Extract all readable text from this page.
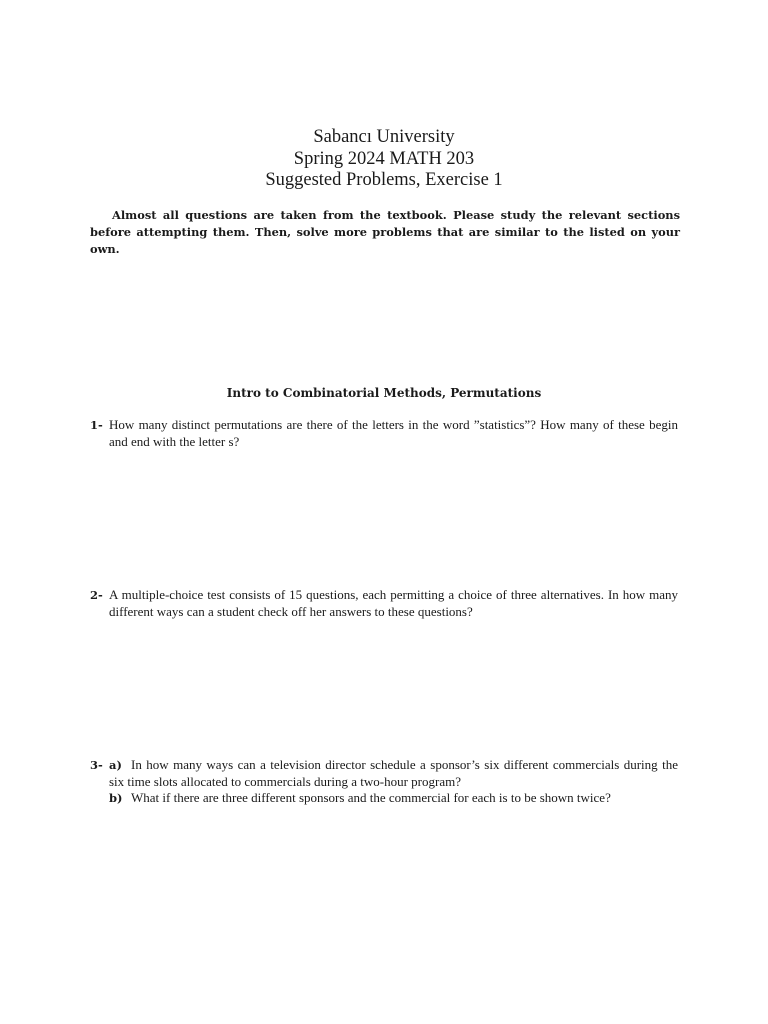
Sabancı University
Spring 2024 MATH 203
Suggested Problems, Exercise 1
Almost all questions are taken from the textbook. Please study the relevant sections before attempting them. Then, solve more problems that are similar to the listed on your own.
Intro to Combinatorial Methods, Permutations
1- How many distinct permutations are there of the letters in the word ”statistics”? How many of these begin and end with the letter s?
2- A multiple-choice test consists of 15 questions, each permitting a choice of three alternatives. In how many different ways can a student check off her answers to these questions?
3- a) In how many ways can a television director schedule a sponsor’s six different commercials during the six time slots allocated to commercials during a two-hour program?
b) What if there are three different sponsors and the commercial for each is to be shown twice?
